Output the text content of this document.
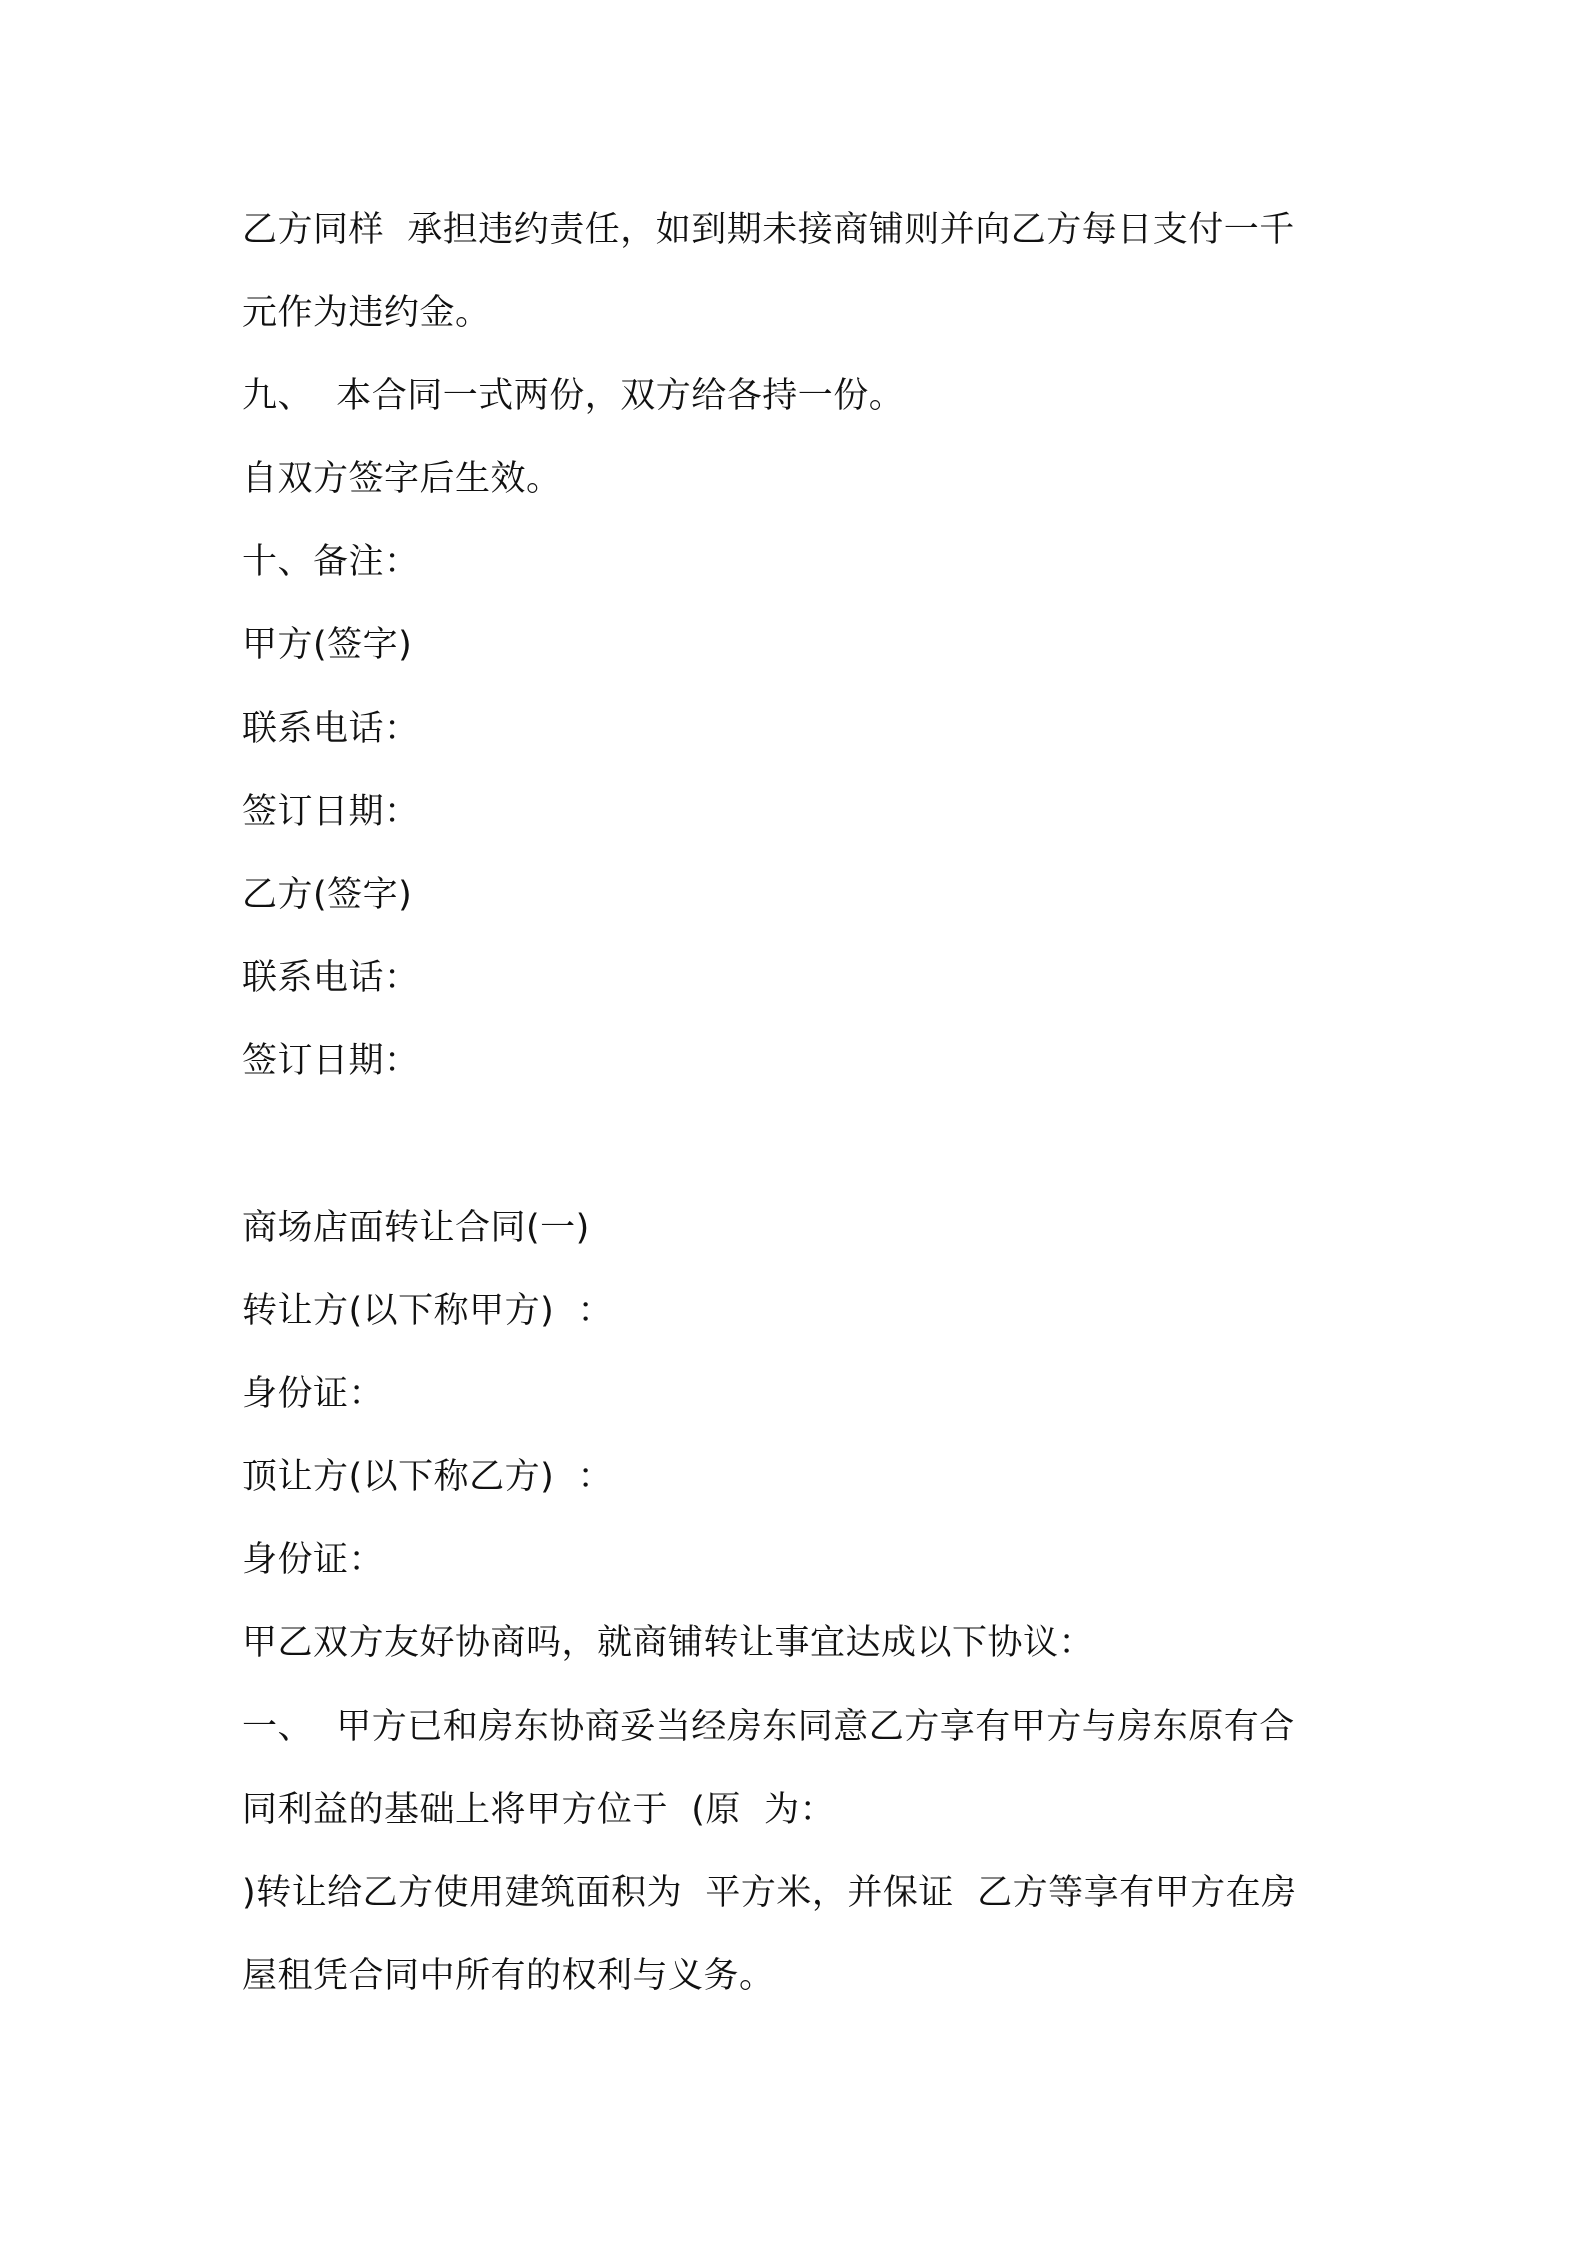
乙方同样  承担违约责任，如到期未接商铺则并向乙方每日支付一千
元作为违约金。
九、  本合同一式两份，双方给各持一份。
自双方签字后生效。
十、备注：
甲方(签字)
联系电话：
签订日期：
乙方(签字)
联系电话：
签订日期：
商场店面转让合同(一)
转让方(以下称甲方)  ：
身份证：
顶让方(以下称乙方)  ：
身份证：
甲乙双方友好协商吗，就商铺转让事宜达成以下协议：
一、  甲方已和房东协商妥当经房东同意乙方享有甲方与房东原有合
同利益的基础上将甲方位于  (原  为：
)转让给乙方使用建筑面积为  平方米，并保证  乙方等享有甲方在房
屋租凭合同中所有的权利与义务。
